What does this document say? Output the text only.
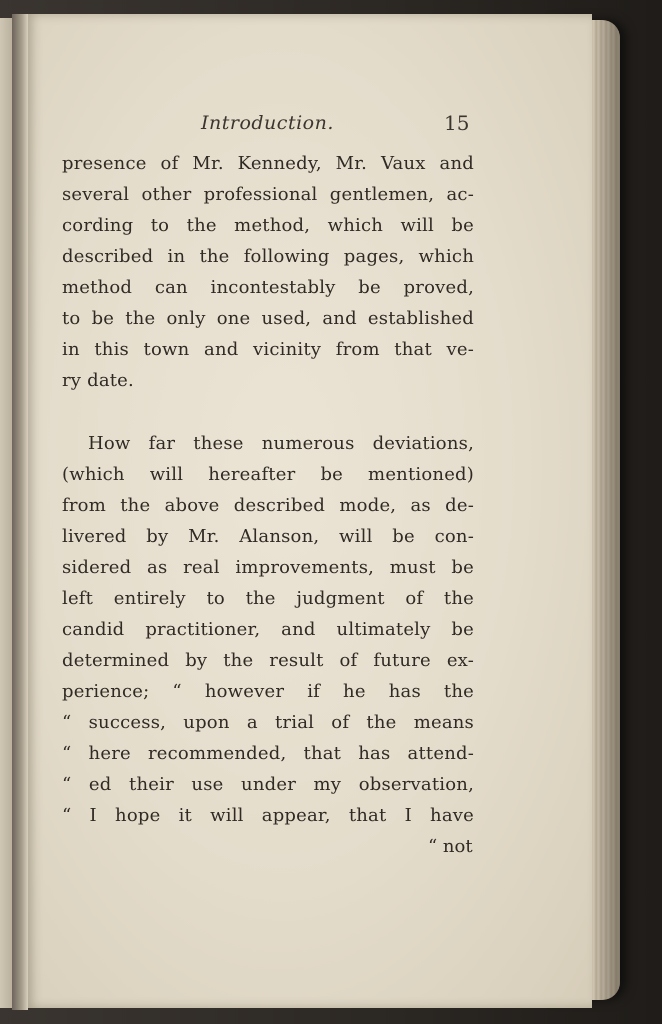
Introduction.	15
presence of Mr. Kennedy, Mr. Vaux and
several other professional gentlemen, ac-
cording to the method, which will be
described in the following pages, which
method can incontestably be proved,
to be the only one used, and established
in this town and vicinity from that ve-
ry date.
How far these numerous deviations,
(which will hereafter be mentioned)
from the above described mode, as de-
livered by Mr. Alanson, will be con-
sidered as real improvements, must be
left entirely to the judgment of the
candid practitioner, and ultimately be
determined by the result of future ex-
perience; “ however if he has the
“ success, upon a trial of the means
“ here recommended, that has attend-
“ ed their use under my observation,
“ I hope it will appear, that I have
“ not
